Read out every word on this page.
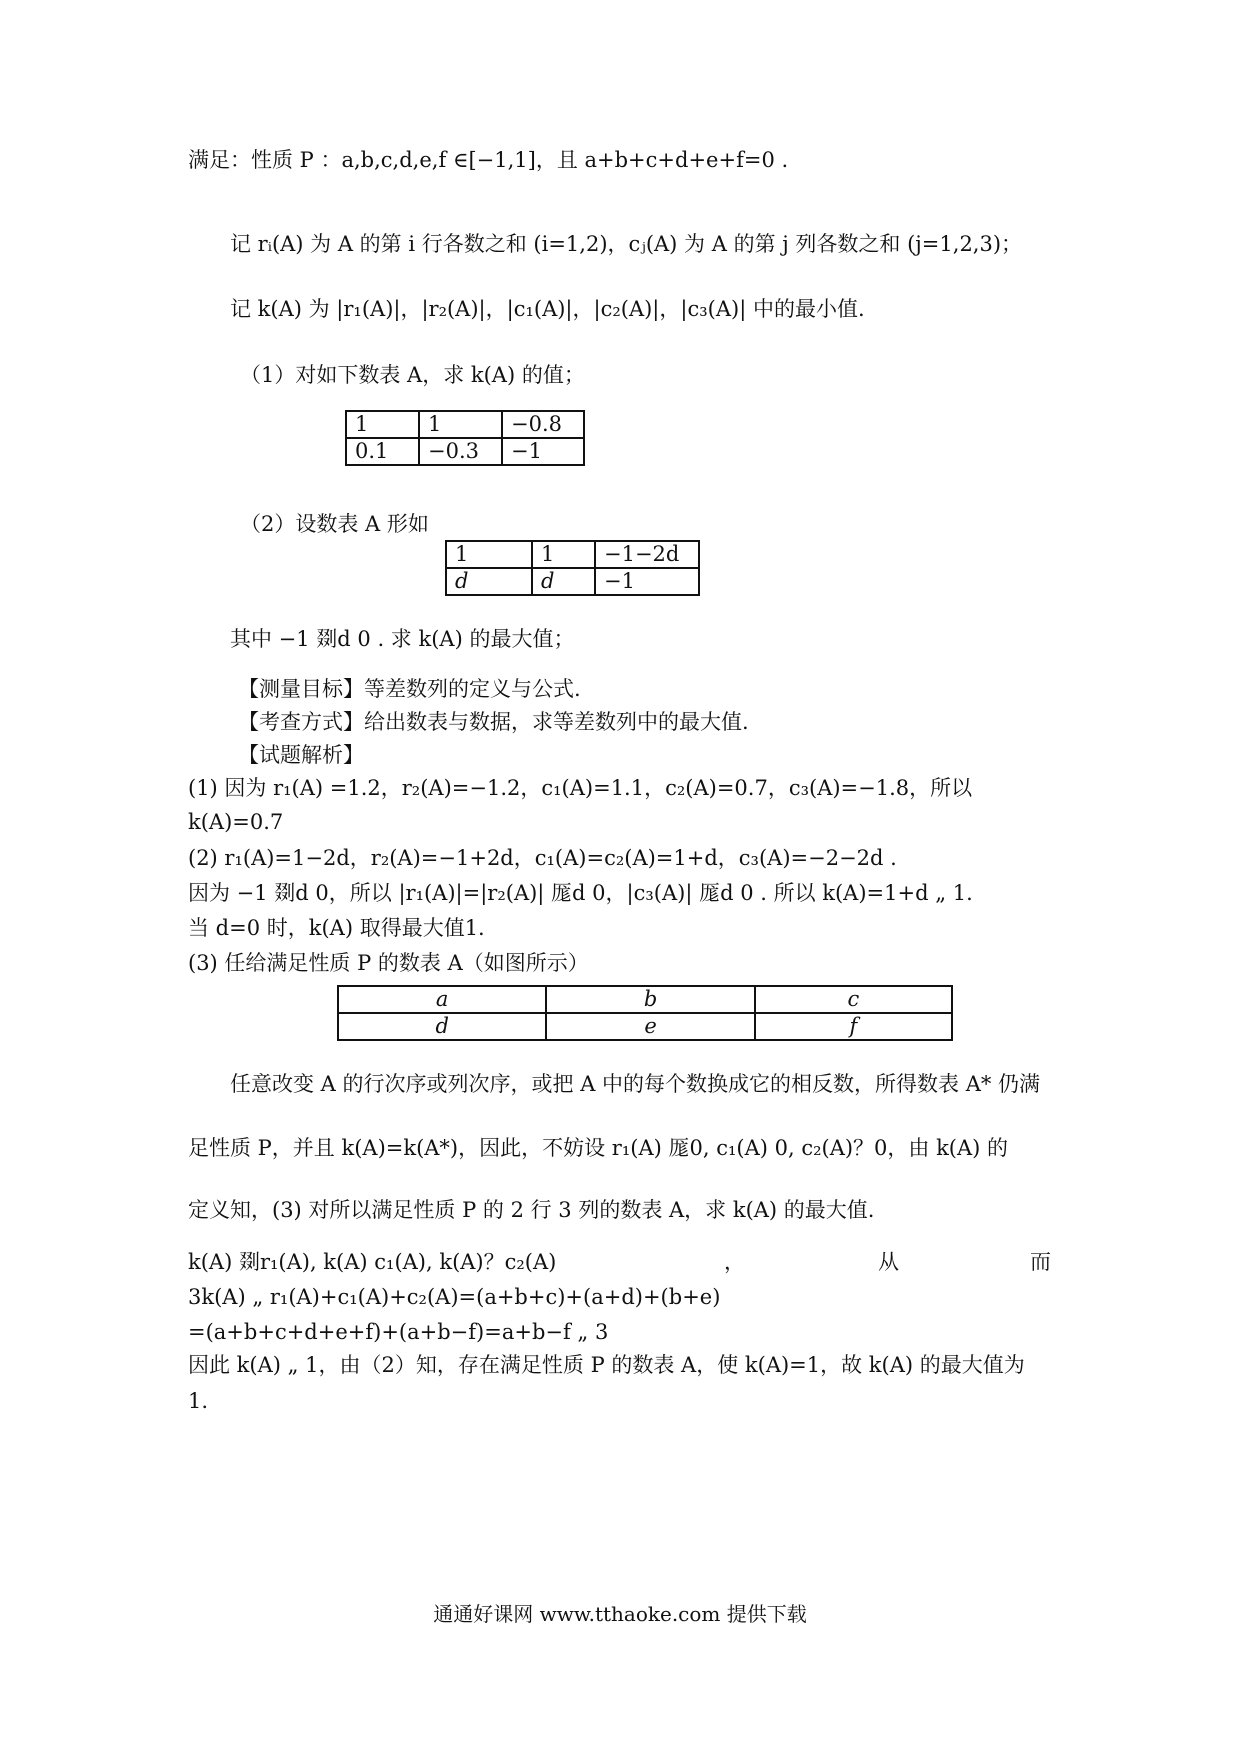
满足：性质 P ：a,b,c,d,e,f ∈[−1,1]，且 a+b+c+d+e+f=0 .
记 rᵢ(A) 为 A 的第 i 行各数之和 (i=1,2)，cⱼ(A) 为 A 的第 j 列各数之和 (j=1,2,3)；
记 k(A) 为 |r₁(A)|，|r₂(A)|，|c₁(A)|，|c₂(A)|，|c₃(A)| 中的最小值.
（1）对如下数表 A，求 k(A) 的值；
1	1	−0.8
0.1	−0.3	−1
（2）设数表 A 形如
1	1	−1−2d
d	d	−1
其中 −1 剟d 0 . 求 k(A) 的最大值；
【测量目标】等差数列的定义与公式.
【考查方式】给出数表与数据，求等差数列中的最大值.
【试题解析】
(1) 因为 r₁(A) =1.2，r₂(A)=−1.2，c₁(A)=1.1，c₂(A)=0.7，c₃(A)=−1.8，所以
k(A)=0.7
(2) r₁(A)=1−2d，r₂(A)=−1+2d，c₁(A)=c₂(A)=1+d，c₃(A)=−2−2d .
因为 −1 剟d 0，所以 |r₁(A)|=|r₂(A)| 厖d 0，|c₃(A)| 厖d 0 . 所以 k(A)=1+d „ 1.
当 d=0 时，k(A) 取得最大值1.
(3) 任给满足性质 P 的数表 A（如图所示）
a	b	c
d	e	f
任意改变 A 的行次序或列次序，或把 A 中的每个数换成它的相反数，所得数表 A* 仍满
足性质 P，并且 k(A)=k(A*)，因此，不妨设 r₁(A) 厖0, c₁(A) 0, c₂(A)？0，由 k(A) 的
定义知，(3) 对所以满足性质 P 的 2 行 3 列的数表 A，求 k(A) 的最大值.
k(A) 剟r₁(A), k(A) c₁(A), k(A)？c₂(A)	，	从	而
3k(A) „ r₁(A)+c₁(A)+c₂(A)=(a+b+c)+(a+d)+(b+e)
=(a+b+c+d+e+f)+(a+b−f)=a+b−f „ 3
因此 k(A) „ 1，由（2）知，存在满足性质 P 的数表 A，使 k(A)=1，故 k(A) 的最大值为
1.
通通好课网 www.tthaoke.com 提供下载
